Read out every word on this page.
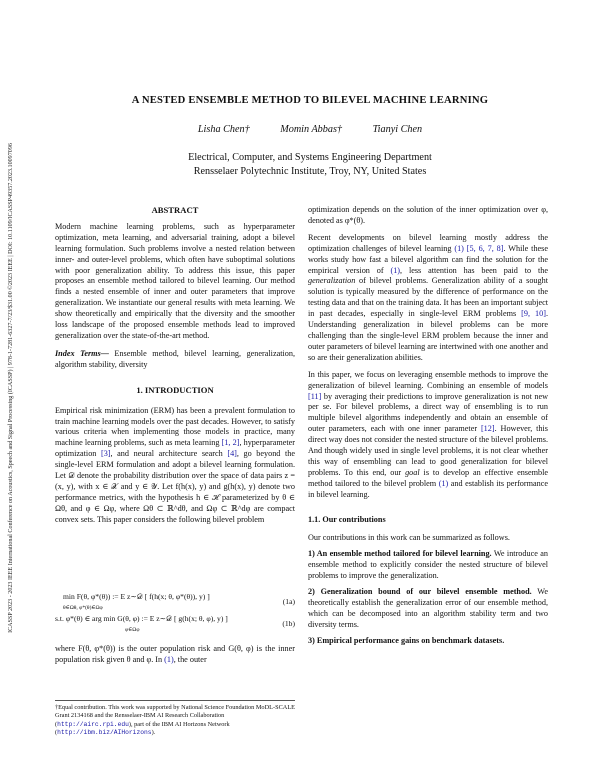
ICASSP 2023 - 2023 IEEE International Conference on Acoustics, Speech and Signal Processing (ICASSP) | 978-1-7281-6327-7/23/$31.00 ©2023 IEEE | DOI: 10.1109/ICASSP49357.2023.10097096
A NESTED ENSEMBLE METHOD TO BILEVEL MACHINE LEARNING
Lisha Chen†	Momin Abbas†	Tianyi Chen
Electrical, Computer, and Systems Engineering Department
Rensselaer Polytechnic Institute, Troy, NY, United States

ABSTRACT

Modern machine learning problems, such as hyperparameter optimization, meta learning, and adversarial training, adopt a bilevel learning formulation. Such problems involve a nested relation between inner- and outer-level problems, which often have suboptimal solutions with poor generalization ability. To address this issue, this paper proposes an ensemble method tailored to bilevel learning. Our method finds a nested ensemble of inner and outer parameters that improve generalization. We instantiate our general results with meta learning. We show theoretically and empirically that the diversity and the smoother loss landscape of the proposed ensemble methods lead to improved generalization over the state-of-the-art method.

Index Terms— Ensemble method, bilevel learning, generalization, algorithm stability, diversity

1. INTRODUCTION

Empirical risk minimization (ERM) has been a prevalent formulation to train machine learning models over the past decades. However, to satisfy various criteria when implementing those models in practice, many machine learning problems, such as meta learning [1, 2], hyperparameter optimization [3], and neural architecture search [4], go beyond the single-level ERM formulation and adopt a bilevel learning formulation. Let 𝒟 denote the probability distribution over the space of data pairs z = (x, y), with x ∈ 𝒳 and y ∈ 𝒴. Let f(h(x), y) and g(h(x), y) denote two performance metrics, with the hypothesis h ∈ ℋ parameterized by θ ∈ Ωθ, and φ ∈ Ωφ, where Ωθ ⊂ ℝ^dθ, and Ωφ ⊂ ℝ^dφ are compact convex sets. This paper considers the following bilevel problem

min F(θ, φ*(θ)) := E z∼𝒟 [ f(h(x; θ, φ*(θ)), y) ]
θ∈Ωθ, φ*(θ)∈Ωφ
(1a)
s.t. φ*(θ) ∈ arg min G(θ, φ) := E z∼𝒟 [ g(h(x; θ, φ), y) ]
φ∈Ωφ
(1b)

where F(θ, φ*(θ)) is the outer population risk and G(θ, φ) is the inner population risk given θ and φ. In (1), the outer

†Equal contribution. This work was supported by National Science Foundation MoDL-SCALE Grant 2134168 and the Rensselaer-IBM AI Research Collaboration (http://airc.rpi.edu), part of the IBM AI Horizons Network (http://ibm.biz/AIHorizons).

optimization depends on the solution of the inner optimization over φ, denoted as φ*(θ).

Recent developments on bilevel learning mostly address the optimization challenges of bilevel learning (1) [5, 6, 7, 8]. While these works study how fast a bilevel algorithm can find the solution for the empirical version of (1), less attention has been paid to the generalization of bilevel problems. Generalization ability of a sought solution is typically measured by the difference of performance on the testing data and that on the training data. It has been an important subject in past decades, especially in single-level ERM problems [9, 10]. Understanding generalization in bilevel problems can be more challenging than the single-level ERM problem because the inner and outer parameters of bilevel learning are intertwined with one another and so are their generalization abilities.

In this paper, we focus on leveraging ensemble methods to improve the generalization of bilevel learning. Combining an ensemble of models [11] by averaging their predictions to improve generalization is not new per se. For bilevel problems, a direct way of ensembling is to run multiple bilevel algorithms independently and obtain an ensemble of outer parameters, each with one inner parameter [12]. However, this direct way does not consider the nested structure of the bilevel problems. And though widely used in single level problems, it is not clear whether this way of ensembling can lead to good generalization for bilevel problems. To this end, our goal is to develop an effective ensemble method tailored to the bilevel problem (1) and establish its performance in bilevel learning.

1.1. Our contributions

Our contributions in this work can be summarized as follows.

1) An ensemble method tailored for bilevel learning. We introduce an ensemble method to explicitly consider the nested structure of bilevel problems to improve the generalization.

2) Generalization bound of our bilevel ensemble method. We theoretically establish the generalization error of our ensemble method, which can be decomposed into an algorithm stability term and two diversity terms.

3) Empirical performance gains on benchmark datasets.
